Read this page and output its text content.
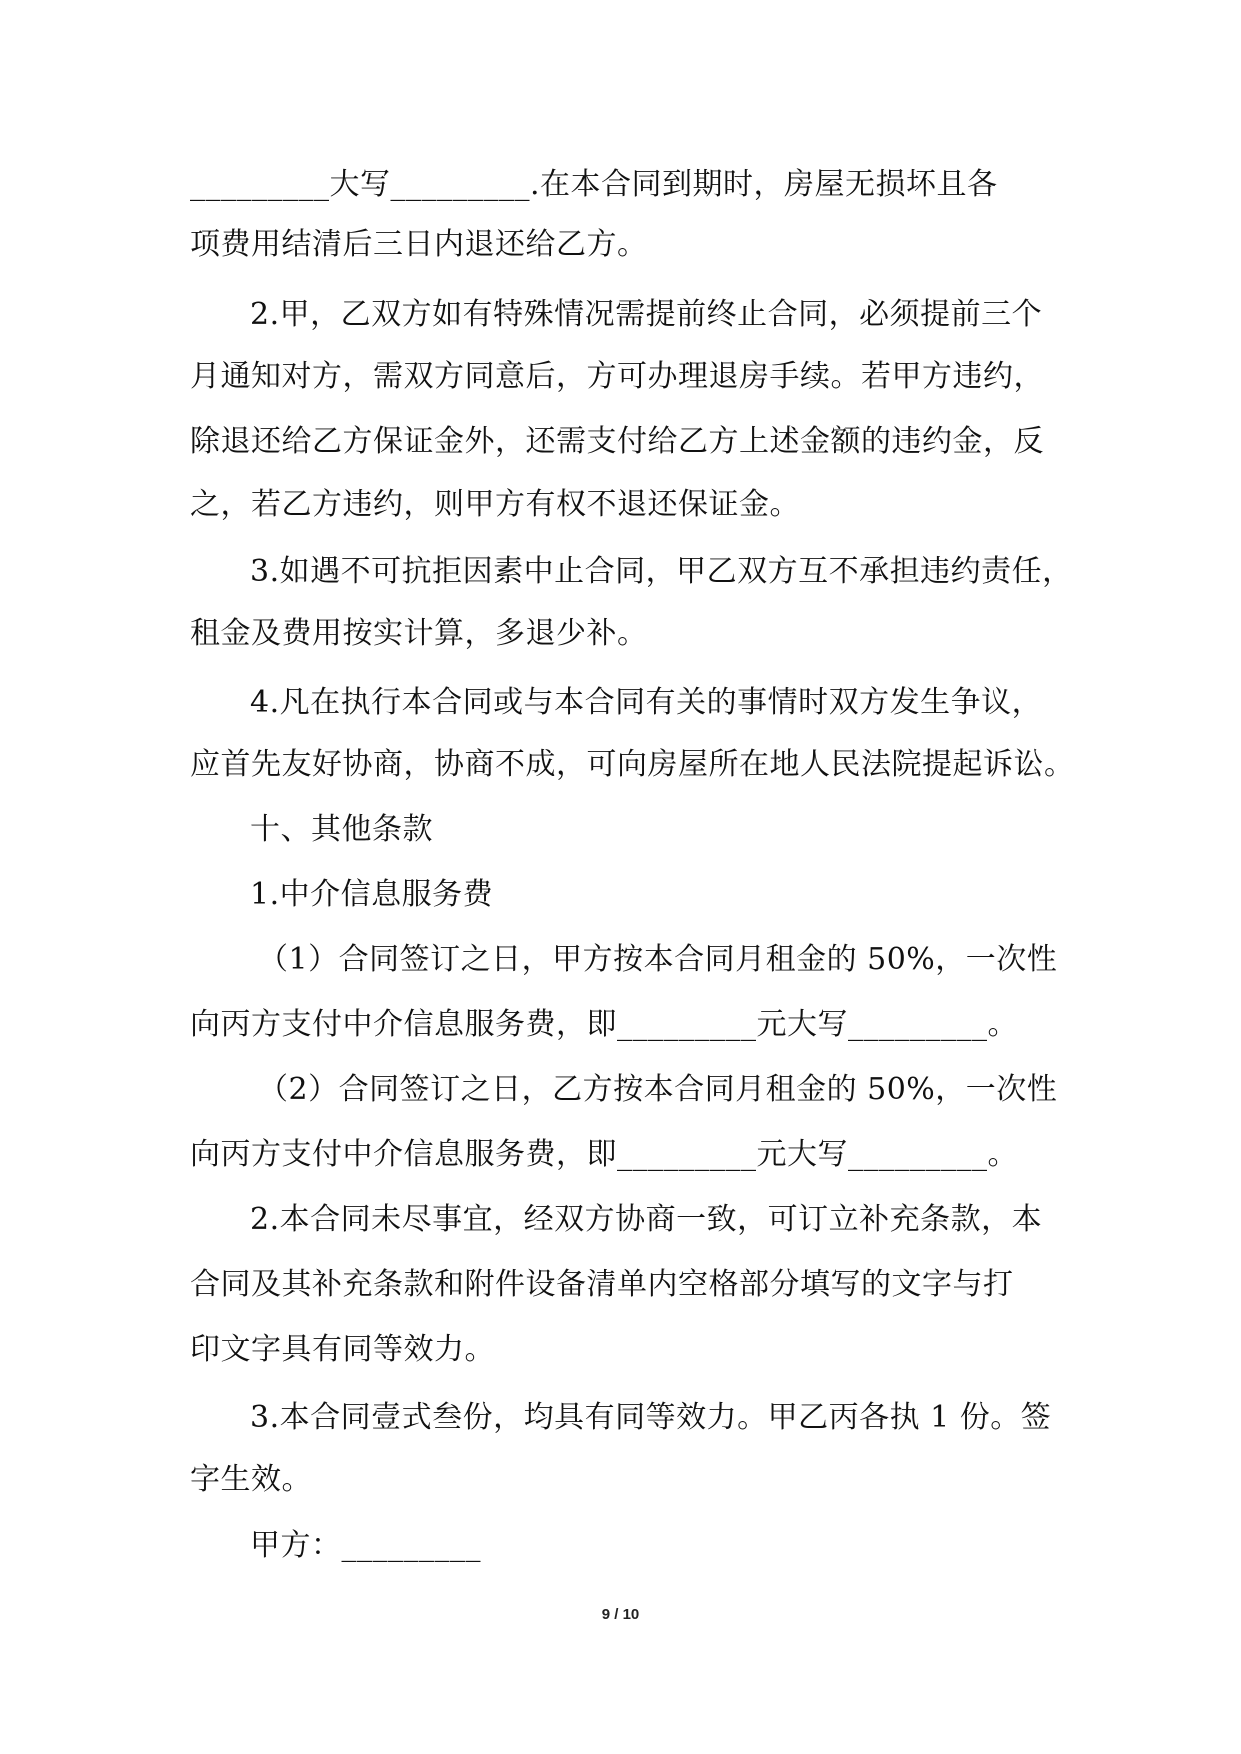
_________大写_________.在本合同到期时，房屋无损坏且各
项费用结清后三日内退还给乙方。
2.甲，乙双方如有特殊情况需提前终止合同，必须提前三个
月通知对方，需双方同意后，方可办理退房手续。若甲方违约，
除退还给乙方保证金外，还需支付给乙方上述金额的违约金，反
之，若乙方违约，则甲方有权不退还保证金。
3.如遇不可抗拒因素中止合同，甲乙双方互不承担违约责任，
租金及费用按实计算，多退少补。
4.凡在执行本合同或与本合同有关的事情时双方发生争议，
应首先友好协商，协商不成，可向房屋所在地人民法院提起诉讼。
十、其他条款
1.中介信息服务费
（1）合同签订之日，甲方按本合同月租金的 50%，一次性
向丙方支付中介信息服务费，即_________元大写_________。
（2）合同签订之日，乙方按本合同月租金的 50%，一次性
向丙方支付中介信息服务费，即_________元大写_________。
2.本合同未尽事宜，经双方协商一致，可订立补充条款，本
合同及其补充条款和附件设备清单内空格部分填写的文字与打
印文字具有同等效力。
3.本合同壹式叁份，均具有同等效力。甲乙丙各执 1 份。签
字生效。
甲方：_________
9 / 10
